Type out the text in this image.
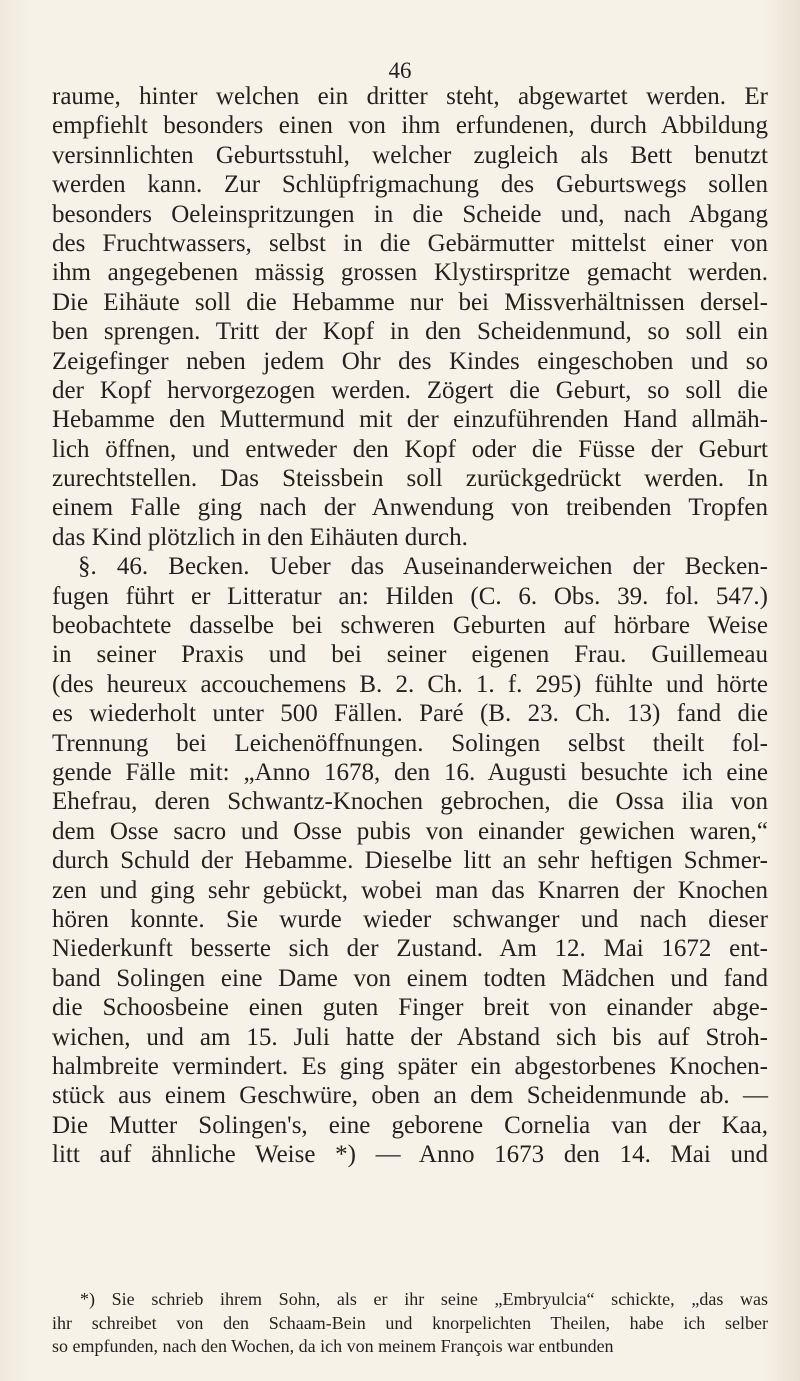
46
raume, hinter welchen ein dritter steht, abgewartet werden. Er
empfiehlt besonders einen von ihm erfundenen, durch Abbildung
versinnlichten Geburtsstuhl, welcher zugleich als Bett benutzt
werden kann. Zur Schlüpfrigmachung des Geburtswegs sollen
besonders Oeleinspritzungen in die Scheide und, nach Abgang
des Fruchtwassers, selbst in die Gebärmutter mittelst einer von
ihm angegebenen mässig grossen Klystirspritze gemacht werden.
Die Eihäute soll die Hebamme nur bei Missverhältnissen dersel-
ben sprengen. Tritt der Kopf in den Scheidenmund, so soll ein
Zeigefinger neben jedem Ohr des Kindes eingeschoben und so
der Kopf hervorgezogen werden. Zögert die Geburt, so soll die
Hebamme den Muttermund mit der einzuführenden Hand allmäh-
lich öffnen, und entweder den Kopf oder die Füsse der Geburt
zurechtstellen. Das Steissbein soll zurückgedrückt werden. In
einem Falle ging nach der Anwendung von treibenden Tropfen
das Kind plötzlich in den Eihäuten durch.
§. 46. Becken. Ueber das Auseinanderweichen der Becken-
fugen führt er Litteratur an: Hilden (C. 6. Obs. 39. fol. 547.)
beobachtete dasselbe bei schweren Geburten auf hörbare Weise
in seiner Praxis und bei seiner eigenen Frau. Guillemeau
(des heureux accouchemens B. 2. Ch. 1. f. 295) fühlte und hörte
es wiederholt unter 500 Fällen. Paré (B. 23. Ch. 13) fand die
Trennung bei Leichenöffnungen. Solingen selbst theilt fol-
gende Fälle mit: „Anno 1678, den 16. Augusti besuchte ich eine
Ehefrau, deren Schwantz-Knochen gebrochen, die Ossa ilia von
dem Osse sacro und Osse pubis von einander gewichen waren,“
durch Schuld der Hebamme. Dieselbe litt an sehr heftigen Schmer-
zen und ging sehr gebückt, wobei man das Knarren der Knochen
hören konnte. Sie wurde wieder schwanger und nach dieser
Niederkunft besserte sich der Zustand. Am 12. Mai 1672 ent-
band Solingen eine Dame von einem todten Mädchen und fand
die Schoosbeine einen guten Finger breit von einander abge-
wichen, und am 15. Juli hatte der Abstand sich bis auf Stroh-
halmbreite vermindert. Es ging später ein abgestorbenes Knochen-
stück aus einem Geschwüre, oben an dem Scheidenmunde ab. —
Die Mutter Solingen's, eine geborene Cornelia van der Kaa,
litt auf ähnliche Weise *) — Anno 1673 den 14. Mai und
*) Sie schrieb ihrem Sohn, als er ihr seine „Embryulcia“ schickte, „das was
ihr schreibet von den Schaam-Bein und knorpelichten Theilen, habe ich selber
so empfunden, nach den Wochen, da ich von meinem François war entbunden
